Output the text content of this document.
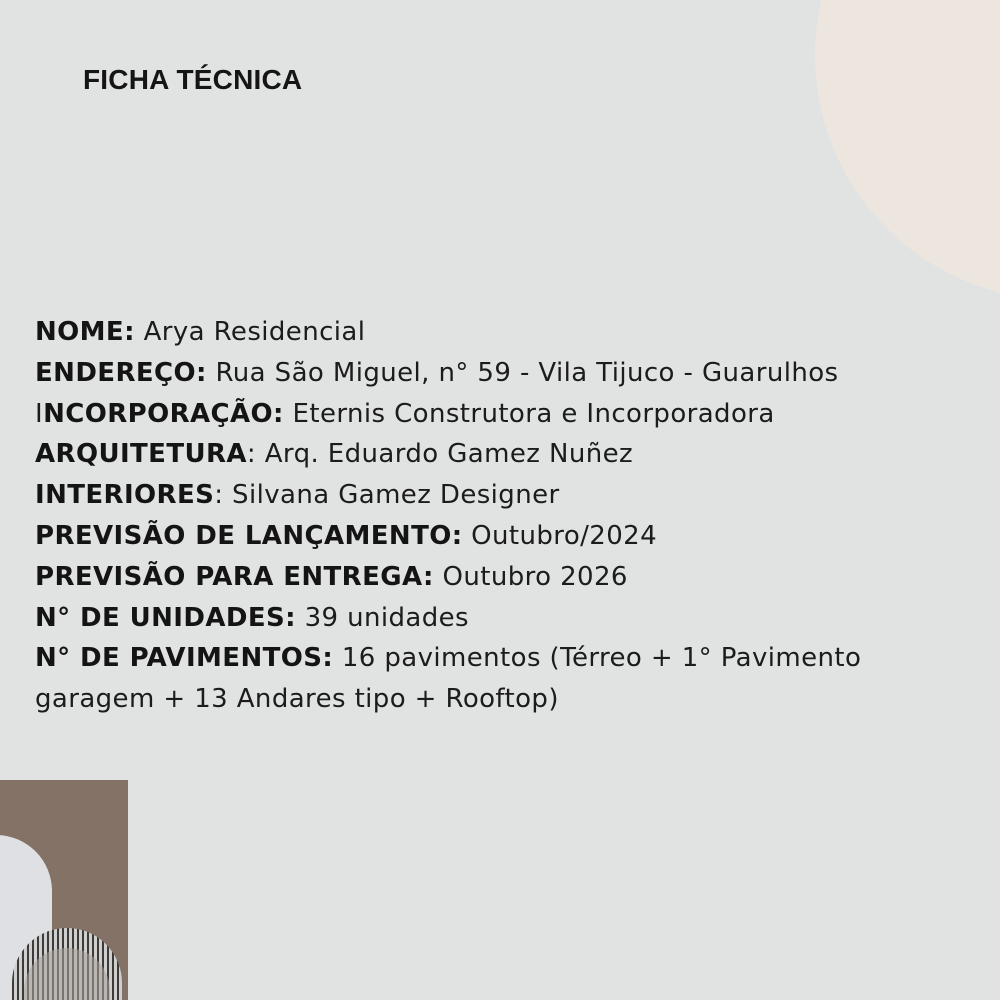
FICHA TÉCNICA
NOME: Arya Residencial
ENDEREÇO: Rua São Miguel, n° 59 - Vila Tijuco - Guarulhos
INCORPORAÇÃO: Eternis Construtora e Incorporadora
ARQUITETURA: Arq. Eduardo Gamez Nuñez
INTERIORES: Silvana Gamez Designer
PREVISÃO DE LANÇAMENTO: Outubro/2024
PREVISÃO PARA ENTREGA: Outubro 2026
N° DE UNIDADES: 39 unidades
N° DE PAVIMENTOS: 16 pavimentos (Térreo + 1° Pavimento garagem + 13 Andares tipo + Rooftop)
